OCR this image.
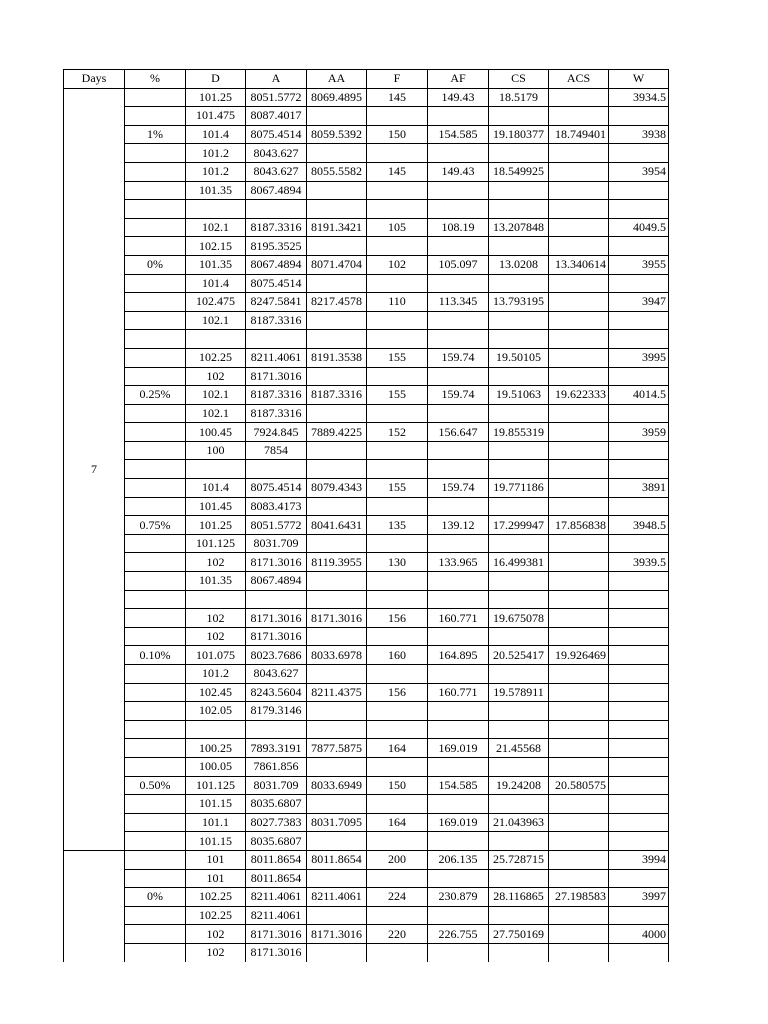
Days	%	D	A	AA	F	AF	CS	ACS	W
7		101.25	8051.5772	8069.4895	145	149.43	18.5179		3934.5
		101.475	8087.4017						
	1%	101.4	8075.4514	8059.5392	150	154.585	19.180377	18.749401	3938
		101.2	8043.627						
		101.2	8043.627	8055.5582	145	149.43	18.549925		3954
		101.35	8067.4894						

		102.1	8187.3316	8191.3421	105	108.19	13.207848		4049.5
		102.15	8195.3525						
	0%	101.35	8067.4894	8071.4704	102	105.097	13.0208	13.340614	3955
		101.4	8075.4514						
		102.475	8247.5841	8217.4578	110	113.345	13.793195		3947
		102.1	8187.3316						

		102.25	8211.4061	8191.3538	155	159.74	19.50105		3995
		102	8171.3016						
	0.25%	102.1	8187.3316	8187.3316	155	159.74	19.51063	19.622333	4014.5
		102.1	8187.3316						
		100.45	7924.845	7889.4225	152	156.647	19.855319		3959
		100	7854						

		101.4	8075.4514	8079.4343	155	159.74	19.771186		3891
		101.45	8083.4173						
	0.75%	101.25	8051.5772	8041.6431	135	139.12	17.299947	17.856838	3948.5
		101.125	8031.709						
		102	8171.3016	8119.3955	130	133.965	16.499381		3939.5
		101.35	8067.4894						

		102	8171.3016	8171.3016	156	160.771	19.675078		
		102	8171.3016						
	0.10%	101.075	8023.7686	8033.6978	160	164.895	20.525417	19.926469	
		101.2	8043.627						
		102.45	8243.5604	8211.4375	156	160.771	19.578911		
		102.05	8179.3146						

		100.25	7893.3191	7877.5875	164	169.019	21.45568		
		100.05	7861.856						
	0.50%	101.125	8031.709	8033.6949	150	154.585	19.24208	20.580575	
		101.15	8035.6807						
		101.1	8027.7383	8031.7095	164	169.019	21.043963		
		101.15	8035.6807						
		101	8011.8654	8011.8654	200	206.135	25.728715		3994
		101	8011.8654						
	0%	102.25	8211.4061	8211.4061	224	230.879	28.116865	27.198583	3997
		102.25	8211.4061						
		102	8171.3016	8171.3016	220	226.755	27.750169		4000
		102	8171.3016						
